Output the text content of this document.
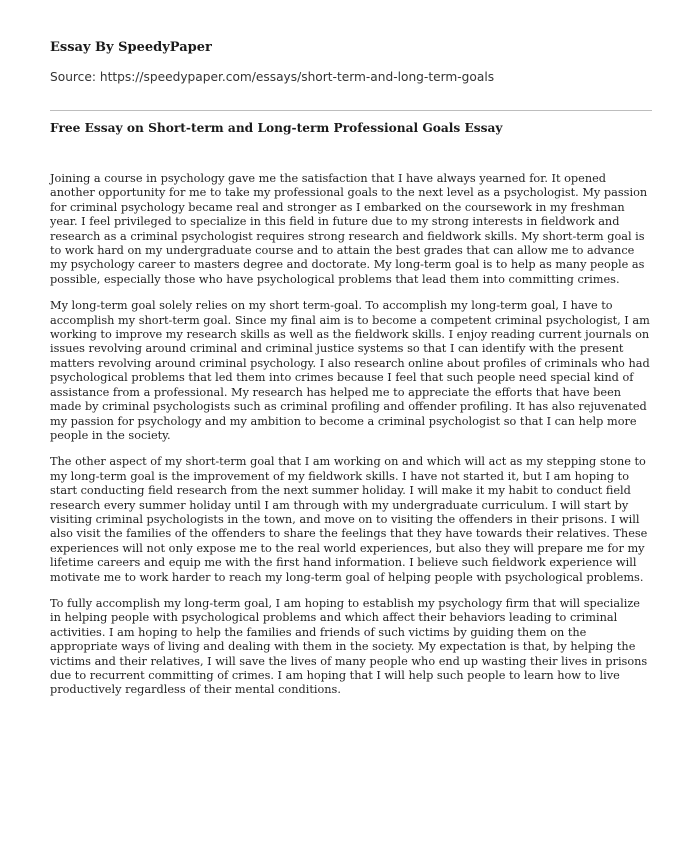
Essay By SpeedyPaper
Source: https://speedypaper.com/essays/short-term-and-long-term-goals
Free Essay on Short-term and Long-term Professional Goals Essay

Joining a course in psychology gave me the satisfaction that I have always yearned for. It opened another opportunity for me to take my professional goals to the next level as a psychologist. My passion for criminal psychology became real and stronger as I embarked on the coursework in my freshman year. I feel privileged to specialize in this field in future due to my strong interests in fieldwork and research as a criminal psychologist requires strong research and fieldwork skills. My short-term goal is to work hard on my undergraduate course and to attain the best grades that can allow me to advance my psychology career to masters degree and doctorate. My long-term goal is to help as many people as possible, especially those who have psychological problems that lead them into committing crimes.

My long-term goal solely relies on my short term-goal. To accomplish my long-term goal, I have to accomplish my short-term goal. Since my final aim is to become a competent criminal psychologist, I am working to improve my research skills as well as the fieldwork skills. I enjoy reading current journals on issues revolving around criminal and criminal justice systems so that I can identify with the present matters revolving around criminal psychology. I also research online about profiles of criminals who had psychological problems that led them into crimes because I feel that such people need special kind of assistance from a professional. My research has helped me to appreciate the efforts that have been made by criminal psychologists such as criminal profiling and offender profiling. It has also rejuvenated my passion for psychology and my ambition to become a criminal psychologist so that I can help more people in the society.

The other aspect of my short-term goal that I am working on and which will act as my stepping stone to my long-term goal is the improvement of my fieldwork skills. I have not started it, but I am hoping to start conducting field research from the next summer holiday. I will make it my habit to conduct field research every summer holiday until I am through with my undergraduate curriculum. I will start by visiting criminal psychologists in the town, and move on to visiting the offenders in their prisons. I will also visit the families of the offenders to share the feelings that they have towards their relatives. These experiences will not only expose me to the real world experiences, but also they will prepare me for my lifetime careers and equip me with the first hand information. I believe such fieldwork experience will motivate me to work harder to reach my long-term goal of helping people with psychological problems.

To fully accomplish my long-term goal, I am hoping to establish my psychology firm that will specialize in helping people with psychological problems and which affect their behaviors leading to criminal activities. I am hoping to help the families and friends of such victims by guiding them on the appropriate ways of living and dealing with them in the society. My expectation is that, by helping the victims and their relatives, I will save the lives of many people who end up wasting their lives in prisons due to recurrent committing of crimes. I am hoping that I will help such people to learn how to live productively regardless of their mental conditions.
